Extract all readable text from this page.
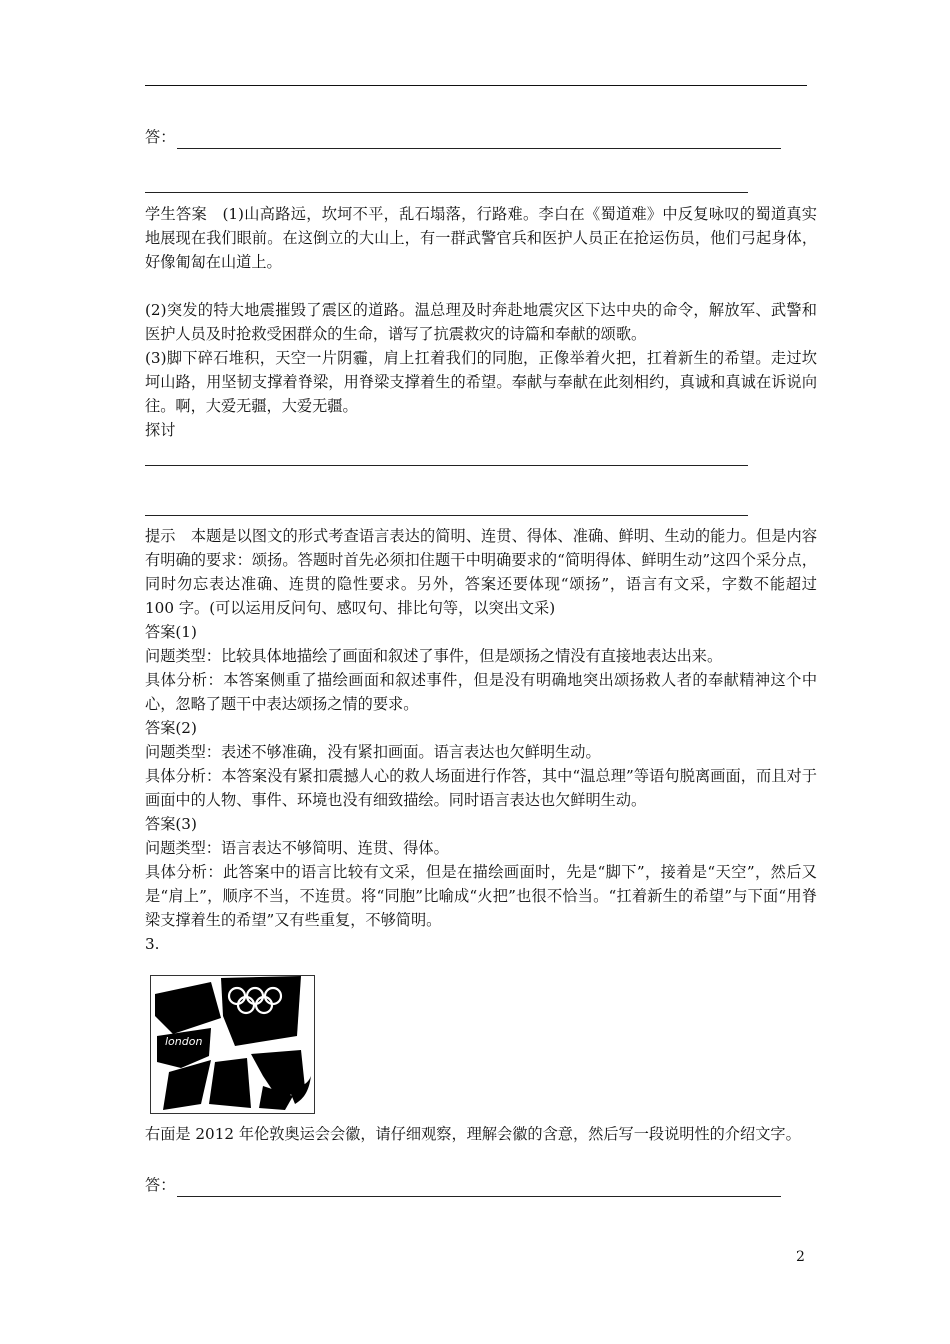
答：

学生答案　(1)山高路远，坎坷不平，乱石塌落，行路难。李白在《蜀道难》中反复咏叹的蜀道真实地展现在我们眼前。在这倒立的大山上，有一群武警官兵和医护人员正在抢运伤员，他们弓起身体，好像匍匐在山道上。

(2)突发的特大地震摧毁了震区的道路。温总理及时奔赴地震灾区下达中央的命令，解放军、武警和医护人员及时抢救受困群众的生命，谱写了抗震救灾的诗篇和奉献的颂歌。

(3)脚下碎石堆积，天空一片阴霾，肩上扛着我们的同胞，正像举着火把，扛着新生的希望。走过坎坷山路，用坚韧支撑着脊梁，用脊梁支撑着生的希望。奉献与奉献在此刻相约，真诚和真诚在诉说向往。啊，大爱无疆，大爱无疆。

探讨

提示　本题是以图文的形式考查语言表达的简明、连贯、得体、准确、鲜明、生动的能力。但是内容有明确的要求：颂扬。答题时首先必须扣住题干中明确要求的“简明得体、鲜明生动”这四个采分点，同时勿忘表达准确、连贯的隐性要求。另外，答案还要体现“颂扬”，语言有文采，字数不能超过 100 字。(可以运用反问句、感叹句、排比句等，以突出文采)

答案(1)

问题类型：比较具体地描绘了画面和叙述了事件，但是颂扬之情没有直接地表达出来。

具体分析：本答案侧重了描绘画面和叙述事件，但是没有明确地突出颂扬救人者的奉献精神这个中心，忽略了题干中表达颂扬之情的要求。

答案(2)

问题类型：表述不够准确，没有紧扣画面。语言表达也欠鲜明生动。

具体分析：本答案没有紧扣震撼人心的救人场面进行作答，其中“温总理”等语句脱离画面，而且对于画面中的人物、事件、环境也没有细致描绘。同时语言表达也欠鲜明生动。

答案(3)

问题类型：语言表达不够简明、连贯、得体。

具体分析：此答案中的语言比较有文采，但是在描绘画面时，先是“脚下”，接着是“天空”，然后又是“肩上”，顺序不当，不连贯。将“同胞”比喻成“火把”也很不恰当。“扛着新生的希望”与下面“用脊梁支撑着生的希望”又有些重复，不够简明。

3.

london

右面是 2012 年伦敦奥运会会徽，请仔细观察，理解会徽的含意，然后写一段说明性的介绍文字。

答：
2
